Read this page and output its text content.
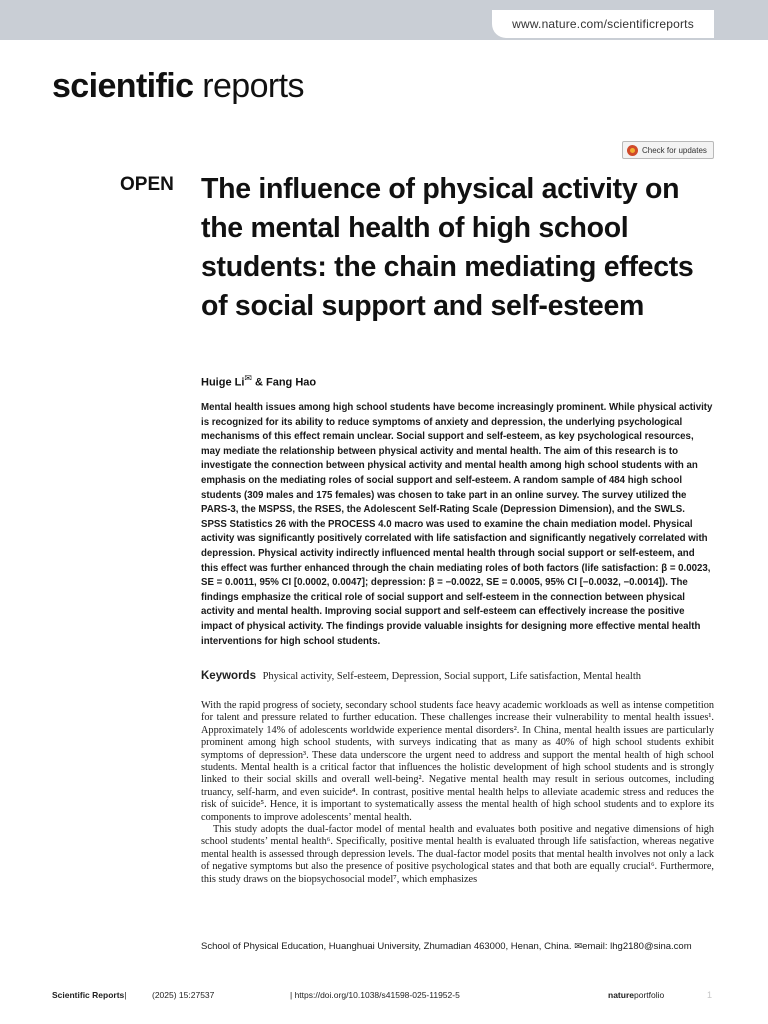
www.nature.com/scientificreports
scientific reports
Check for updates
OPEN The influence of physical activity on the mental health of high school students: the chain mediating effects of social support and self-esteem
Huige Li✉ & Fang Hao

Mental health issues among high school students have become increasingly prominent. While physical activity is recognized for its ability to reduce symptoms of anxiety and depression, the underlying psychological mechanisms of this effect remain unclear. Social support and self-esteem, as key psychological resources, may mediate the relationship between physical activity and mental health. The aim of this research is to investigate the connection between physical activity and mental health among high school students with an emphasis on the mediating roles of social support and self-esteem. A random sample of 484 high school students (309 males and 175 females) was chosen to take part in an online survey. The survey utilized the PARS-3, the MSPSS, the RSES, the Adolescent Self-Rating Scale (Depression Dimension), and the SWLS. SPSS Statistics 26 with the PROCESS 4.0 macro was used to examine the chain mediation model. Physical activity was significantly positively correlated with life satisfaction and significantly negatively correlated with depression. Physical activity indirectly influenced mental health through social support or self-esteem, and this effect was further enhanced through the chain mediating roles of both factors (life satisfaction: β = 0.0023, SE = 0.0011, 95% CI [0.0002, 0.0047]; depression: β = −0.0022, SE = 0.0005, 95% CI [−0.0032, −0.0014]). The findings emphasize the critical role of social support and self-esteem in the connection between physical activity and mental health. Improving social support and self-esteem can effectively increase the positive impact of physical activity. The findings provide valuable insights for designing more effective mental health interventions for high school students.

Keywords Physical activity, Self-esteem, Depression, Social support, Life satisfaction, Mental health

With the rapid progress of society, secondary school students face heavy academic workloads as well as intense competition for talent and pressure related to further education. These challenges increase their vulnerability to mental health issues¹. Approximately 14% of adolescents worldwide experience mental disorders². In China, mental health issues are particularly prominent among high school students, with surveys indicating that as many as 40% of high school students exhibit symptoms of depression³. These data underscore the urgent need to address and support the mental health of high school students. Mental health is a critical factor that influences the holistic development of high school students and is strongly linked to their social skills and overall well-being². Negative mental health may result in serious outcomes, including truancy, self-harm, and even suicide⁴. In contrast, positive mental health helps to alleviate academic stress and reduces the risk of suicide⁵. Hence, it is important to systematically assess the mental health of high school students and to explore its components to improve adolescents’ mental health.

This study adopts the dual-factor model of mental health and evaluates both positive and negative dimensions of high school students’ mental health⁶. Specifically, positive mental health is evaluated through life satisfaction, whereas negative mental health is assessed through depression levels. The dual-factor model posits that mental health involves not only a lack of negative symptoms but also the presence of positive psychological states and that both are equally crucial⁶. Furthermore, this study draws on the biopsychosocial model⁷, which emphasizes

School of Physical Education, Huanghuai University, Zhumadian 463000, Henan, China. ✉email: lhg2180@sina.com
Scientific Reports |	(2025) 15:27537	| https://doi.org/10.1038/s41598-025-11952-5	nature portfolio	1
